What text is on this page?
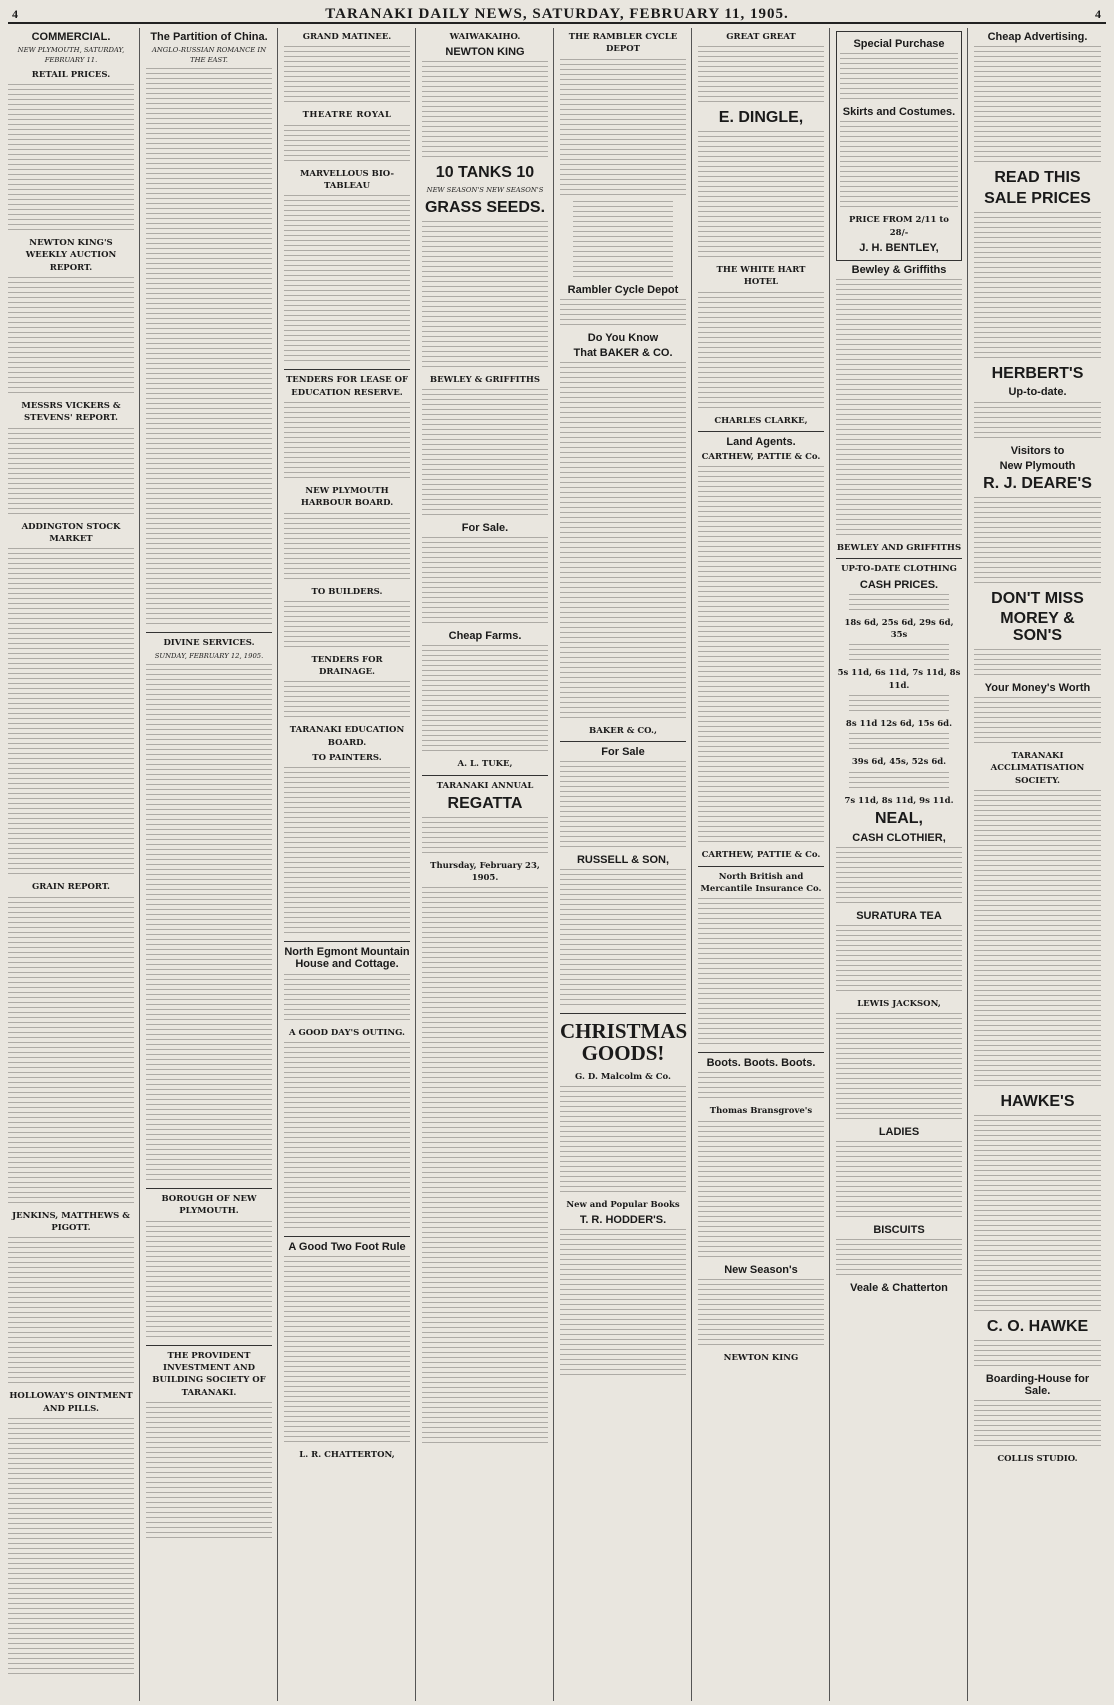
4	TARANAKI DAILY NEWS, SATURDAY, FEBRUARY 11, 1905.	4
COMMERCIAL.
NEW PLYMOUTH, SATURDAY, FEBRUARY 11.
RETAIL PRICES.
NEWTON KING'S WEEKLY AUCTION REPORT.
MESSRS VICKERS & STEVENS' REPORT.
ADDINGTON STOCK MARKET
GRAIN REPORT.
JENKINS, MATTHEWS & PIGOTT.
HOLLOWAY'S OINTMENT AND PILLS.
The Partition of China.
ANGLO-RUSSIAN ROMANCE IN THE EAST.
DIVINE SERVICES.
SUNDAY, FEBRUARY 12, 1905.
BOROUGH OF NEW PLYMOUTH.
THE PROVIDENT INVESTMENT AND BUILDING SOCIETY OF TARANAKI.
GRAND MATINEE.
THEATRE ROYAL
MARVELLOUS BIO-TABLEAU
TENDERS FOR LEASE OF EDUCATION RESERVE.
NEW PLYMOUTH HARBOUR BOARD.
TO BUILDERS.
TENDERS FOR DRAINAGE.
TARANAKI EDUCATION BOARD.
TO PAINTERS.
North Egmont Mountain House and Cottage.
A GOOD DAY'S OUTING.
A Good Two Foot Rule
L. R. CHATTERTON,
WAIWAKAIHO.
NEWTON KING
10 TANKS 10
NEW SEASON'S NEW SEASON'S
GRASS SEEDS.
BEWLEY & GRIFFITHS
For Sale.
Cheap Farms.
A. L. TUKE,
TARANAKI ANNUAL
REGATTA
Thursday, February 23, 1905.
THE RAMBLER CYCLE DEPOT
Rambler Cycle Depot
Do You Know
That BAKER & CO.
BAKER & CO.,
For Sale
RUSSELL & SON,
CHRISTMAS GOODS!
G. D. Malcolm & Co.
New and Popular Books
T. R. HODDER'S.
GREAT GREAT
E. DINGLE,
THE WHITE HART HOTEL
CHARLES CLARKE,
Land Agents.
CARTHEW, PATTIE & Co.
CARTHEW, PATTIE & Co.
North British and Mercantile Insurance Co.
Boots. Boots. Boots.
Thomas Bransgrove's
New Season's
NEWTON KING
Special Purchase
Skirts and Costumes.
PRICE FROM 2/11 to 28/-
J. H. BENTLEY,
Bewley & Griffiths
BEWLEY AND GRIFFITHS
UP-TO-DATE CLOTHING
CASH PRICES.
18s 6d, 25s 6d, 29s 6d, 35s
5s 11d, 6s 11d, 7s 11d, 8s 11d.
8s 11d 12s 6d, 15s 6d.
39s 6d, 45s, 52s 6d.
7s 11d, 8s 11d, 9s 11d.
NEAL,
CASH CLOTHIER,
SURATURA TEA
LEWIS JACKSON,
LADIES
BISCUITS
Veale & Chatterton
Cheap Advertising.
READ THIS
SALE PRICES
HERBERT'S
Up-to-date.
Visitors to
New Plymouth
R. J. DEARE'S
DON'T MISS
MOREY & SON'S
Your Money's Worth
TARANAKI ACCLIMATISATION SOCIETY.
HAWKE'S
C. O. HAWKE
Boarding-House for Sale.
COLLIS STUDIO.
